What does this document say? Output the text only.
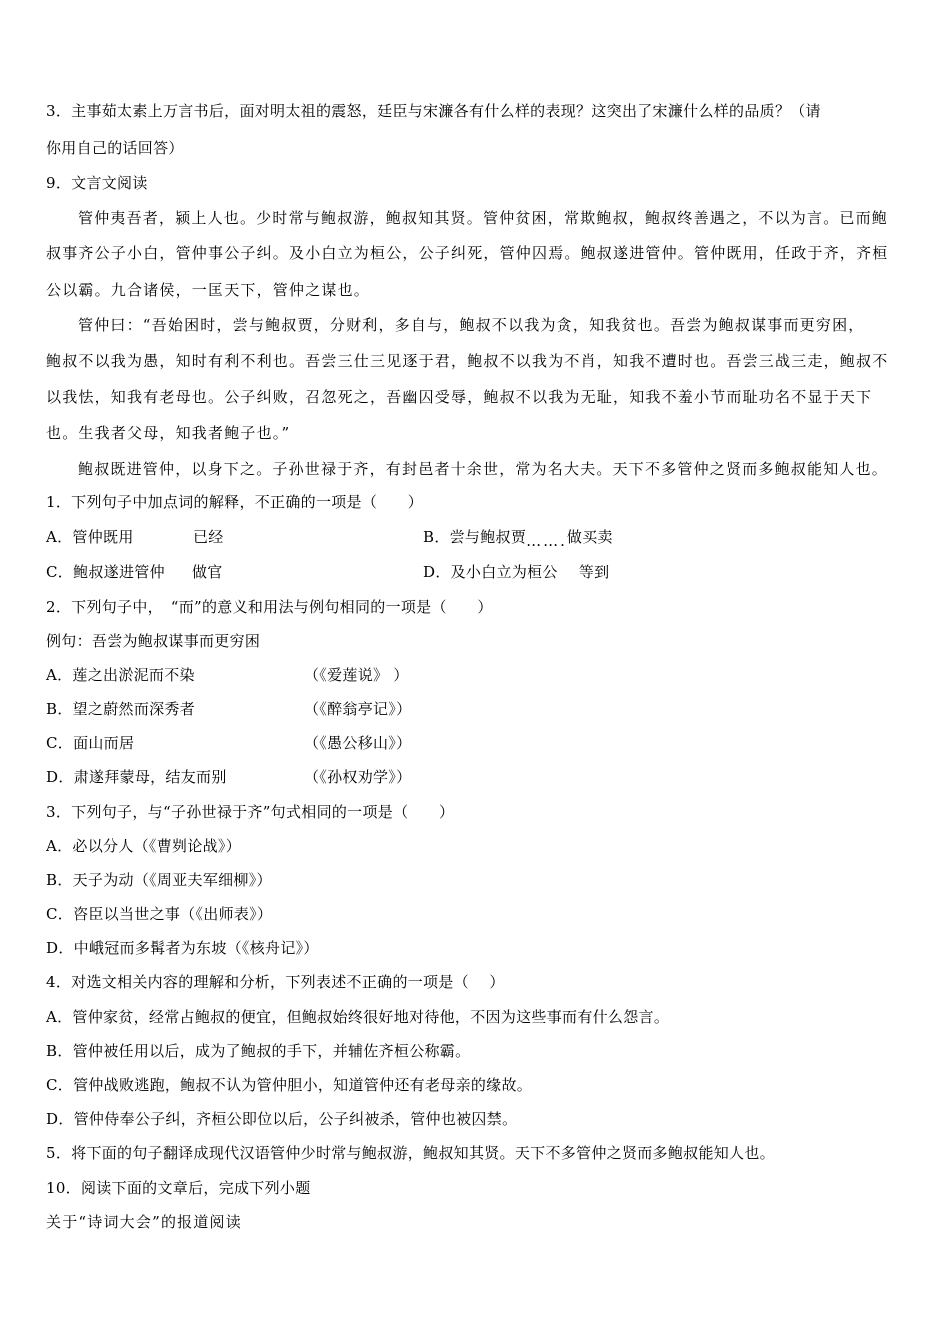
3．主事茹太素上万言书后，面对明太祖的震怒，廷臣与宋濂各有什么样的表现？这突出了宋濂什么样的品质？（请
你用自己的话回答）
9．文言文阅读
管仲夷吾者，颍上人也。少时常与鲍叔游，鲍叔知其贤。管仲贫困，常欺鲍叔，鲍叔终善遇之，不以为言。已而鲍
叔事齐公子小白，管仲事公子纠。及小白立为桓公，公子纠死，管仲囚焉。鲍叔遂进管仲。管仲既用，任政于齐，齐桓
公以霸。九合诸侯，一匡天下，管仲之谋也。
管仲曰：“吾始困时，尝与鲍叔贾，分财利，多自与，鲍叔不以我为贪，知我贫也。吾尝为鲍叔谋事而更穷困，
鲍叔不以我为愚，知时有利不利也。吾尝三仕三见逐于君，鲍叔不以我为不肖，知我不遭时也。吾尝三战三走，鲍叔不
以我怯，知我有老母也。公子纠败，召忽死之，吾幽囚受辱，鲍叔不以我为无耻，知我不羞小节而耻功名不显于天下
也。生我者父母，知我者鲍子也。”
鲍叔既进管仲，以身下之。子孙世禄于齐，有封邑者十余世，常为名大夫。天下不多管仲之贤而多鲍叔能知人也。
1．下列句子中加点词的解释，不正确的一项是（　　）
A．管仲既用	已经	B．尝与鲍叔贾…….做买卖
C．鲍叔遂进管仲 做官	D．及小白立为桓公 等到
2．下列句子中，　“而”的意义和用法与例句相同的一项是（　　）
例句：吾尝为鲍叔谋事而更穷困
A．莲之出淤泥而不染	（《爱莲说》 ）
B．望之蔚然而深秀者	（《醉翁亭记》）
C．面山而居	（《愚公移山》）
D．肃遂拜蒙母，结友而别	（《孙权劝学》）
3．下列句子，与“子孙世禄于齐”句式相同的一项是（　　）
A．必以分人（《曹刿论战》）
B．天子为动（《周亚夫军细柳》）
C．咨臣以当世之事（《出师表》）
D．中峨冠而多髯者为东坡（《核舟记》）
4．对选文相关内容的理解和分析，下列表述不正确的一项是（　 ）
A．管仲家贫，经常占鲍叔的便宜，但鲍叔始终很好地对待他，不因为这些事而有什么怨言。
B．管仲被任用以后，成为了鲍叔的手下，并辅佐齐桓公称霸。
C．管仲战败逃跑，鲍叔不认为管仲胆小，知道管仲还有老母亲的缘故。
D．管仲侍奉公子纠，齐桓公即位以后，公子纠被杀，管仲也被囚禁。
5．将下面的句子翻译成现代汉语管仲少时常与鲍叔游，鲍叔知其贤。天下不多管仲之贤而多鲍叔能知人也。
10．阅读下面的文章后，完成下列小题
关于“诗词大会”的报道阅读
